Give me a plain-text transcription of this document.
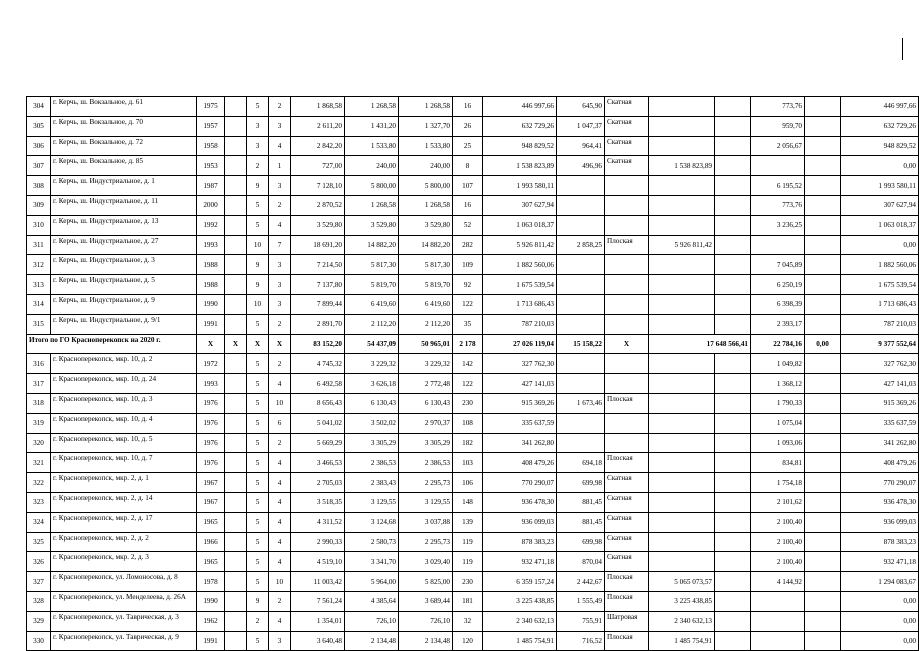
304	г. Керчь, ш. Вокзальное, д. 61	1975		5	2	1 868,58	1 268,58	1 268,58	16	446 997,66	645,90	Скатная			773,76		446 997,66
305	г. Керчь, ш. Вокзальное, д. 70	1957		3	3	2 611,20	1 431,20	1 327,70	26	632 729,26	1 047,37	Скатная			959,70		632 729,26
306	г. Керчь, ш. Вокзальное, д. 72	1958		3	4	2 842,20	1 533,80	1 533,80	25	948 829,52	964,41	Скатная			2 056,67		948 829,52
307	г. Керчь, ш. Вокзальное, д. 85	1953		2	1	727,00	240,00	240,00	8	1 538 823,89	496,96	Скатная	1 538 823,89				0,00
308	г. Керчь, ш. Индустриальное, д. 1	1987		9	3	7 128,10	5 800,00	5 800,00	107	1 993 580,11					6 195,52		1 993 580,11
309	г. Керчь, ш. Индустриальное, д. 11	2000		5	2	2 870,52	1 268,58	1 268,58	16	307 627,94					773,76		307 627,94
310	г. Керчь, ш. Индустриальное, д. 13	1992		5	4	3 529,80	3 529,80	3 529,80	52	1 063 018,37					3 236,25		1 063 018,37
311	г. Керчь, ш. Индустриальное, д. 27	1993		10	7	18 691,20	14 882,20	14 882,20	282	5 926 811,42	2 858,25	Плоская	5 926 811,42				0,00
312	г. Керчь, ш. Индустриальное, д. 3	1988		9	3	7 214,50	5 817,30	5 817,30	109	1 882 560,06					7 045,89		1 882 560,06
313	г. Керчь, ш. Индустриальное, д. 5	1988		9	3	7 137,80	5 819,70	5 819,70	92	1 675 539,54					6 250,19		1 675 539,54
314	г. Керчь, ш. Индустриальное, д. 9	1990		10	3	7 899,44	6 419,60	6 419,60	122	1 713 686,43					6 398,39		1 713 686,43
315	г. Керчь, ш. Индустриальное, д. 9/1	1991		5	2	2 891,70	2 112,20	2 112,20	35	787 210,03					2 393,17		787 210,03
Итого по ГО Красноперекопск на 2020 г.		X	X	X	X	83 152,20	54 437,09	50 965,01	2 178	27 026 119,04	15 158,22	X	17 648 566,41		22 784,16	0,00	9 377 552,64
316	г. Красноперекопск, мкр. 10, д. 2	1972		5	2	4 745,32	3 229,32	3 229,32	142	327 762,30					1 049,82		327 762,30
317	г. Красноперекопск, мкр. 10, д. 24	1993		5	4	6 492,58	3 626,18	2 772,48	122	427 141,03					1 368,12		427 141,03
318	г. Красноперекопск, мкр. 10, д. 3	1976		5	10	8 656,43	6 130,43	6 130,43	230	915 369,26	1 673,46	Плоская			1 790,33		915 369,26
319	г. Красноперекопск, мкр. 10, д. 4	1976		5	6	5 041,02	3 502,02	2 970,37	108	335 637,59					1 075,04		335 637,59
320	г. Красноперекопск, мкр. 10, д. 5	1976		5	2	5 669,29	3 305,29	3 305,29	182	341 262,80					1 093,06		341 262,80
321	г. Красноперекопск, мкр. 10, д. 7	1976		5	4	3 466,53	2 386,53	2 386,53	103	408 479,26	694,18	Плоская			834,81		408 479,26
322	г. Красноперекопск, мкр. 2, д. 1	1967		5	4	2 705,03	2 383,43	2 295,73	106	770 290,07	699,98	Скатная			1 754,18		770 290,07
323	г. Красноперекопск, мкр. 2, д. 14	1967		5	4	3 518,35	3 129,55	3 129,55	148	936 478,30	881,45	Скатная			2 101,62		936 478,30
324	г. Красноперекопск, мкр. 2, д. 17	1965		5	4	4 311,52	3 124,68	3 037,88	139	936 099,03	881,45	Скатная			2 100,40		936 099,03
325	г. Красноперекопск, мкр. 2, д. 2	1966		5	4	2 990,33	2 580,73	2 295,73	119	878 383,23	699,98	Скатная			2 100,40		878 383,23
326	г. Красноперекопск, мкр. 2, д. 3	1965		5	4	4 519,10	3 341,70	3 029,40	119	932 471,18	870,04	Скатная			2 100,40		932 471,18
327	г. Красноперекопск, ул. Ломоносова, д. 8	1978		5	10	11 003,42	5 964,00	5 825,00	230	6 359 157,24	2 442,67	Плоская	5 065 073,57		4 144,92		1 294 083,67
328	г. Красноперекопск, ул. Менделеева, д. 26А	1990		9	2	7 561,24	4 385,64	3 689,44	181	3 225 438,85	1 555,49	Плоская	3 225 438,85				0,00
329	г. Красноперекопск, ул. Таврическая, д. 3	1962		2	4	1 354,01	726,10	726,10	32	2 340 632,13	755,91	Шатровая	2 340 632,13				0,00
330	г. Красноперекопск, ул. Таврическая, д. 9	1991		5	3	3 640,48	2 134,48	2 134,48	120	1 485 754,91	716,52	Плоская	1 485 754,91				0,00
